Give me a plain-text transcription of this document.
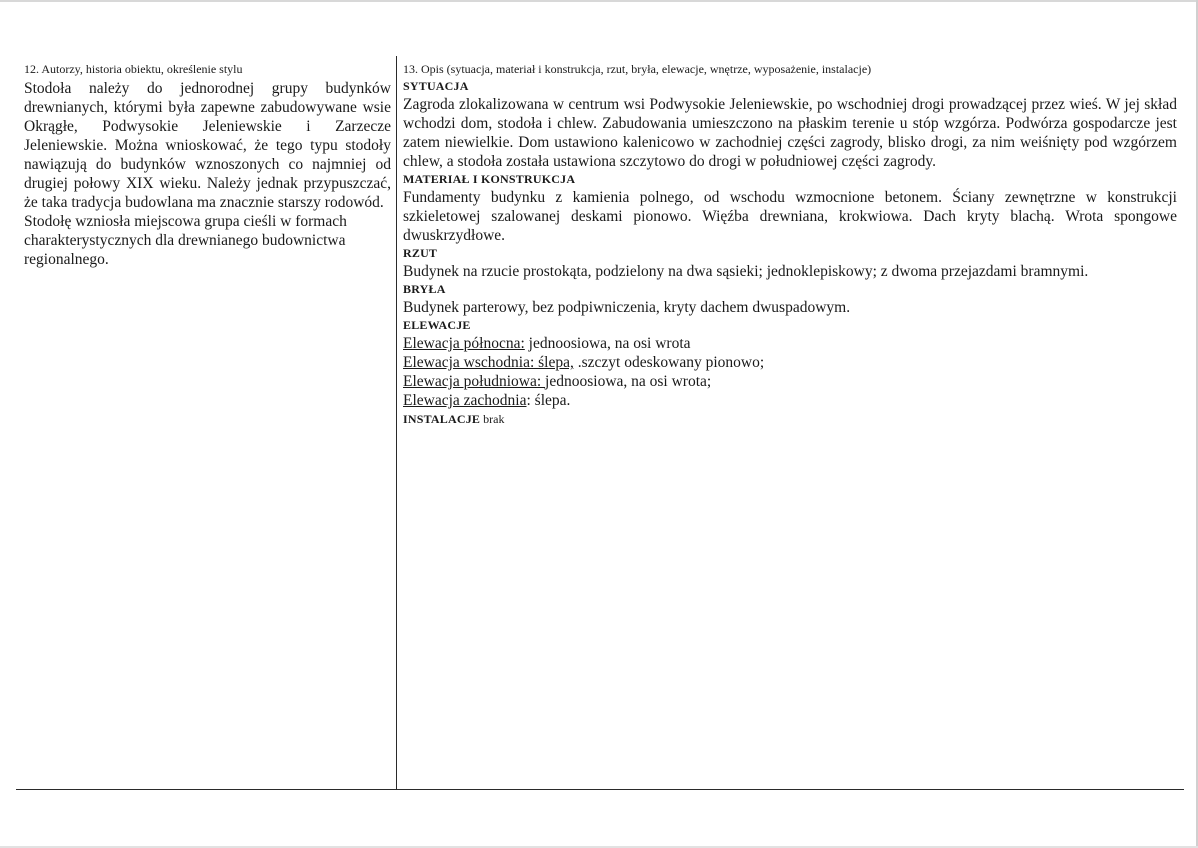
12. Autorzy, historia obiektu, określenie stylu

Stodoła należy do jednorodnej grupy budynków drewnianych, którymi była zapewne zabudowywane wsie Okrągłe, Podwysokie Jeleniewskie i Zarzecze Jeleniewskie. Można wnioskować, że tego typu stodoły nawiązują do budynków wznoszonych co najmniej od drugiej połowy XIX wieku. Należy jednak przypuszczać, że taka tradycja budowlana ma znacznie starszy rodowód.

Stodołę wzniosła miejscowa grupa cieśli w formach charakterystycznych dla drewnianego budownictwa regionalnego.

13. Opis (sytuacja, materiał i konstrukcja, rzut, bryła, elewacje, wnętrze, wyposażenie, instalacje)

SYTUACJA

Zagroda zlokalizowana w centrum wsi Podwysokie Jeleniewskie, po wschodniej drogi prowadzącej przez wieś. W jej skład wchodzi dom, stodoła i chlew. Zabudowania umieszczono na płaskim terenie u stóp wzgórza. Podwórza gospodarcze jest zatem niewielkie. Dom ustawiono kalenicowo w zachodniej części zagrody, blisko drogi, za nim weiśnięty pod wzgórzem chlew, a stodoła została ustawiona szczytowo do drogi w południowej części zagrody.

MATERIAŁ I KONSTRUKCJA

Fundamenty budynku z kamienia polnego, od wschodu wzmocnione betonem. Ściany zewnętrzne w konstrukcji szkieletowej szalowanej deskami pionowo. Więźba drewniana, krokwiowa. Dach kryty blachą. Wrota spongowe dwuskrzydłowe.

RZUT

Budynek na rzucie prostokąta, podzielony na dwa sąsieki; jednoklepiskowy; z dwoma przejazdami bramnymi.

BRYŁA

Budynek parterowy, bez podpiwniczenia, kryty dachem dwuspadowym.

ELEWACJE

Elewacja północna: jednoosiowa, na osi wrota

Elewacja wschodnia: ślepa, .szczyt odeskowany pionowo;

Elewacja południowa: jednoosiowa, na osi wrota;

Elewacja zachodnia: ślepa.

INSTALACJE brak
